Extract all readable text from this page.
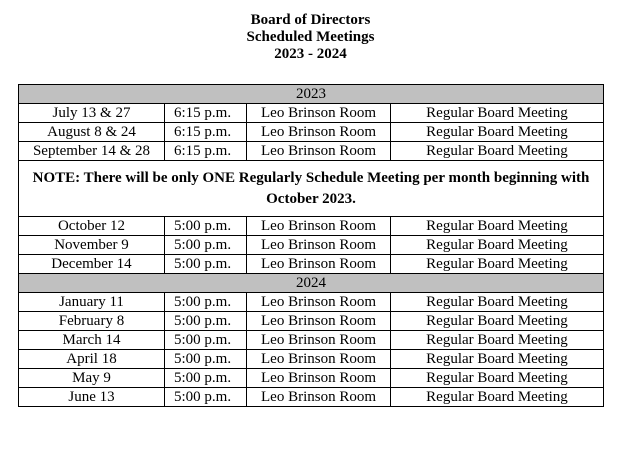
Board of Directors
Scheduled Meetings
2023 - 2024
2023			
July 13 & 27	6:15 p.m.	Leo Brinson Room	Regular Board Meeting
August 8 & 24	6:15 p.m.	Leo Brinson Room	Regular Board Meeting
September 14 & 28	6:15 p.m.	Leo Brinson Room	Regular Board Meeting
NOTE: There will be only ONE Regularly Schedule Meeting per month beginning with October 2023.			
October 12	5:00 p.m.	Leo Brinson Room	Regular Board Meeting
November 9	5:00 p.m.	Leo Brinson Room	Regular Board Meeting
December 14	5:00 p.m.	Leo Brinson Room	Regular Board Meeting
2024			
January 11	5:00 p.m.	Leo Brinson Room	Regular Board Meeting
February 8	5:00 p.m.	Leo Brinson Room	Regular Board Meeting
March 14	5:00 p.m.	Leo Brinson Room	Regular Board Meeting
April 18	5:00 p.m.	Leo Brinson Room	Regular Board Meeting
May 9	5:00 p.m.	Leo Brinson Room	Regular Board Meeting
June 13	5:00 p.m.	Leo Brinson Room	Regular Board Meeting
